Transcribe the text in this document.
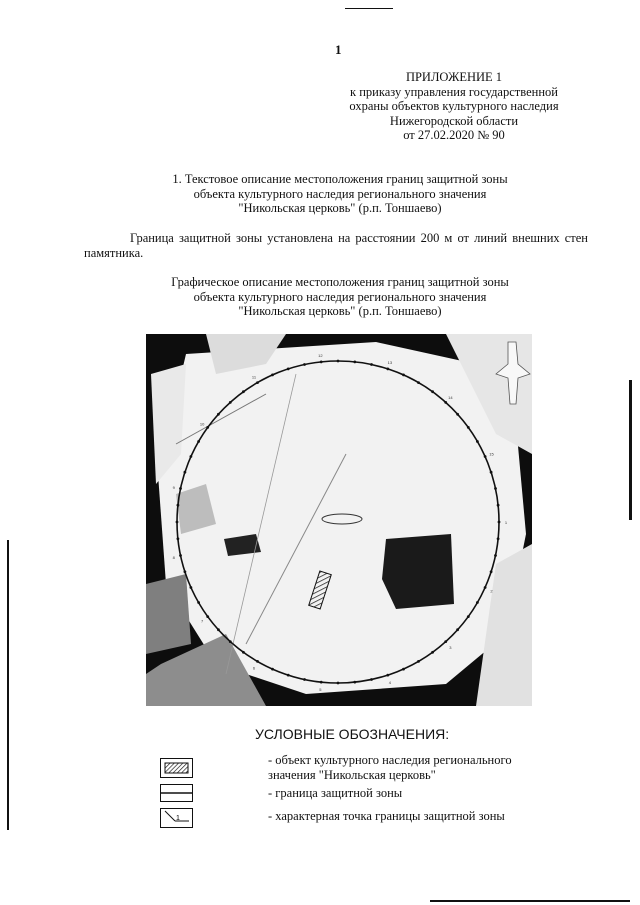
1
ПРИЛОЖЕНИЕ 1
к приказу управления государственной
охраны объектов культурного наследия
Нижегородской области
от 27.02.2020 № 90
1. Текстовое описание местоположения границ защитной зоны
объекта культурного наследия регионального значения
"Никольская церковь" (р.п. Тоншаево)
Граница защитной зоны установлена на расстоянии 200 м от линий внешних стен памятника.
Графическое описание местоположения границ защитной зоны
объекта культурного наследия регионального значения
"Никольская церковь" (р.п. Тоншаево)
1
2
3
4
5
6
7
8
9
10
11
12
13
14
15
УСЛОВНЫЕ ОБОЗНАЧЕНИЯ:
- объект культурного наследия регионального
значения "Никольская церковь"
- граница защитной зоны
1	- характерная точка границы защитной зоны
